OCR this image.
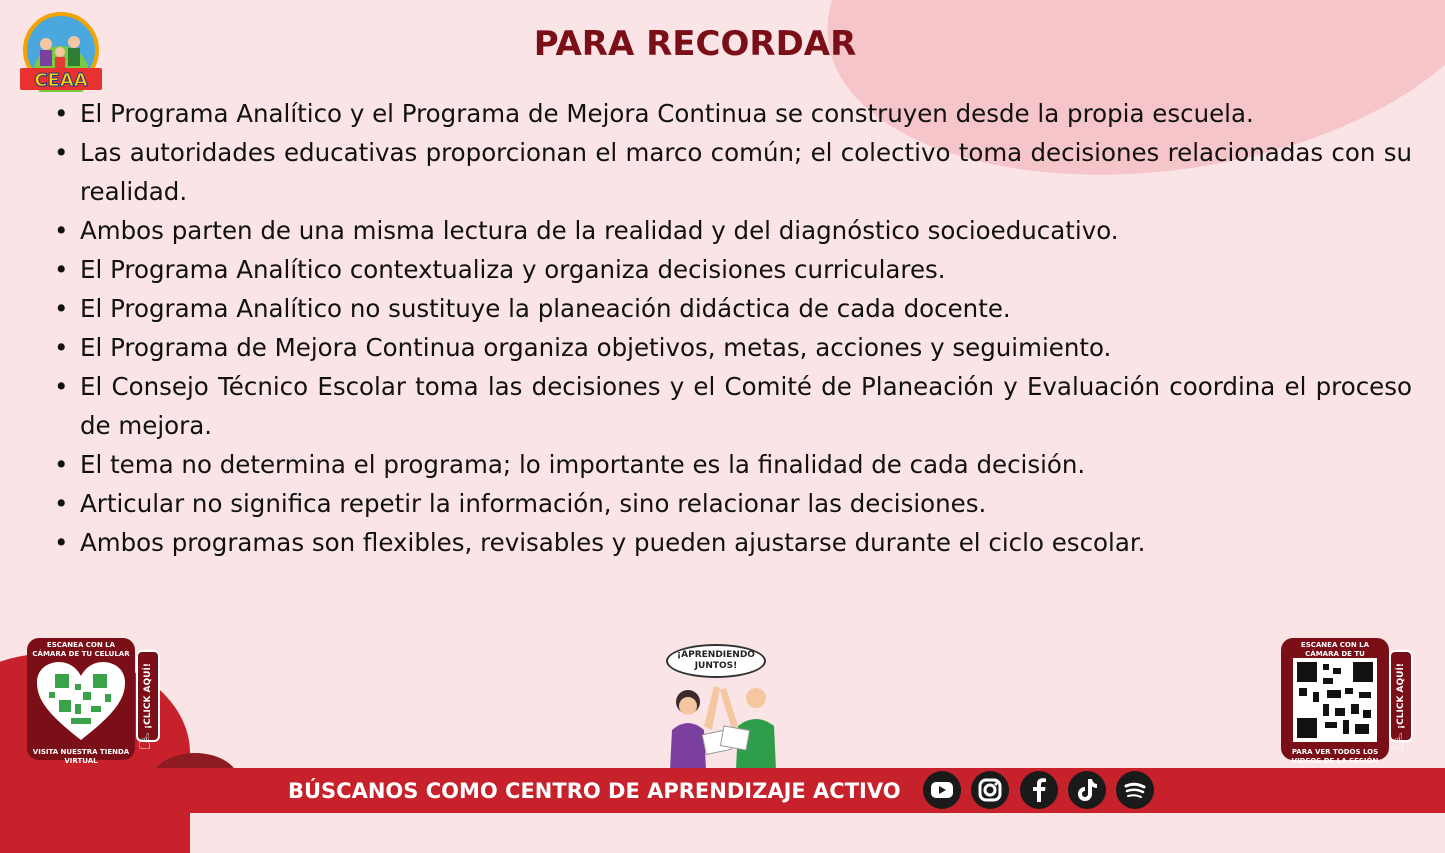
CEAA
PARA RECORDAR
• El Programa Analítico y el Programa de Mejora Continua se construyen desde la propia escuela.
• Las autoridades educativas proporcionan el marco común; el colectivo toma decisiones relacionadas con su realidad.
• Ambos parten de una misma lectura de la realidad y del diagnóstico socioeducativo.
• El Programa Analítico contextualiza y organiza decisiones curriculares.
• El Programa Analítico no sustituye la planeación didáctica de cada docente.
• El Programa de Mejora Continua organiza objetivos, metas, acciones y seguimiento.
• El Consejo Técnico Escolar toma las decisiones y el Comité de Planeación y Evaluación coordina el proceso de mejora.
• El tema no determina el programa; lo importante es la finalidad de cada decisión.
• Articular no significa repetir la información, sino relacionar las decisiones.
• Ambos programas son flexibles, revisables y pueden ajustarse durante el ciclo escolar.
ESCANEA CON LA CÁMARA DE TU CELULAR
VISITA NUESTRA TIENDA VIRTUAL
¡CLICK AQUÍ!
☝
¡APRENDIENDO JUNTOS!
ESCANEA CON LA CÁMARA DE TU
PARA VER TODOS LOS VIDEOS DE LA SESIÓN
¡CLICK AQUÍ!
☝
BÚSCANOS COMO CENTRO DE APRENDIZAJE ACTIVO
